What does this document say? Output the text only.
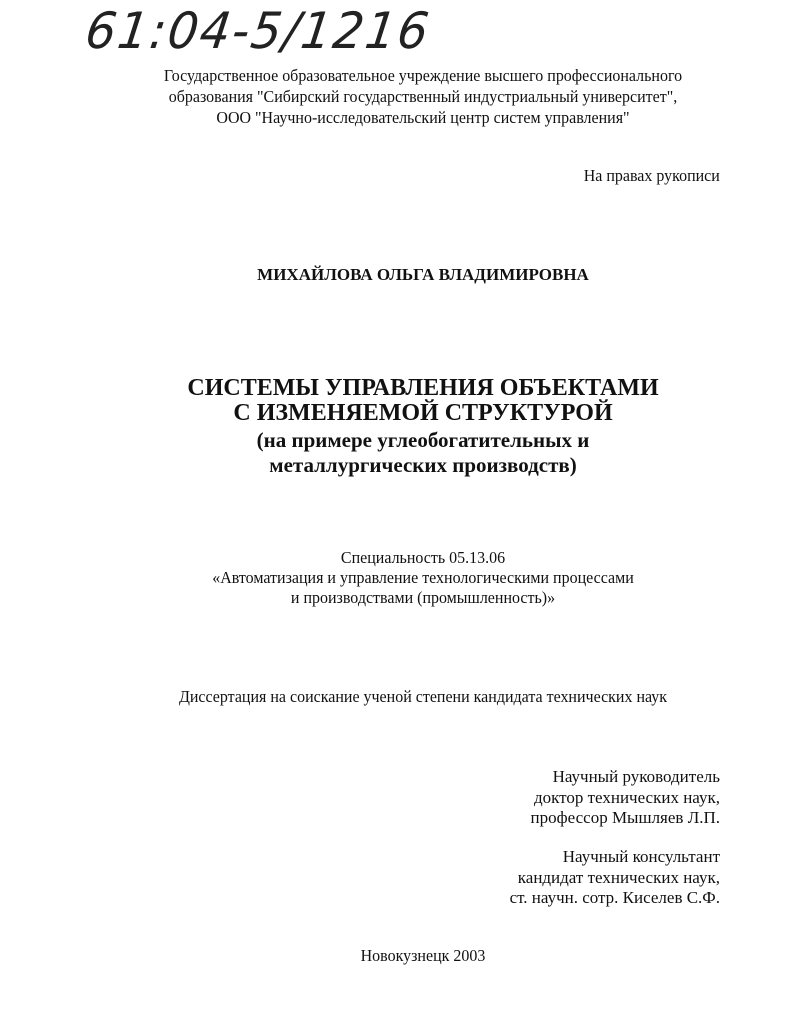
61:04-5/1216
Государственное образовательное учреждение высшего профессионального
образования "Сибирский государственный индустриальный университет",
ООО "Научно-исследовательский центр систем управления"
На правах рукописи
МИХАЙЛОВА ОЛЬГА ВЛАДИМИРОВНА
СИСТЕМЫ УПРАВЛЕНИЯ ОБЪЕКТАМИ
С ИЗМЕНЯЕМОЙ СТРУКТУРОЙ
(на примере углеобогатительных и
металлургических производств)
Специальность 05.13.06
«Автоматизация и управление технологическими процессами
и производствами (промышленность)»
Диссертация на соискание ученой степени кандидата технических наук
Научный руководитель
доктор технических наук,
профессор Мышляев Л.П.
Научный консультант
кандидат технических наук,
ст. научн. сотр. Киселев С.Ф.
Новокузнецк 2003
